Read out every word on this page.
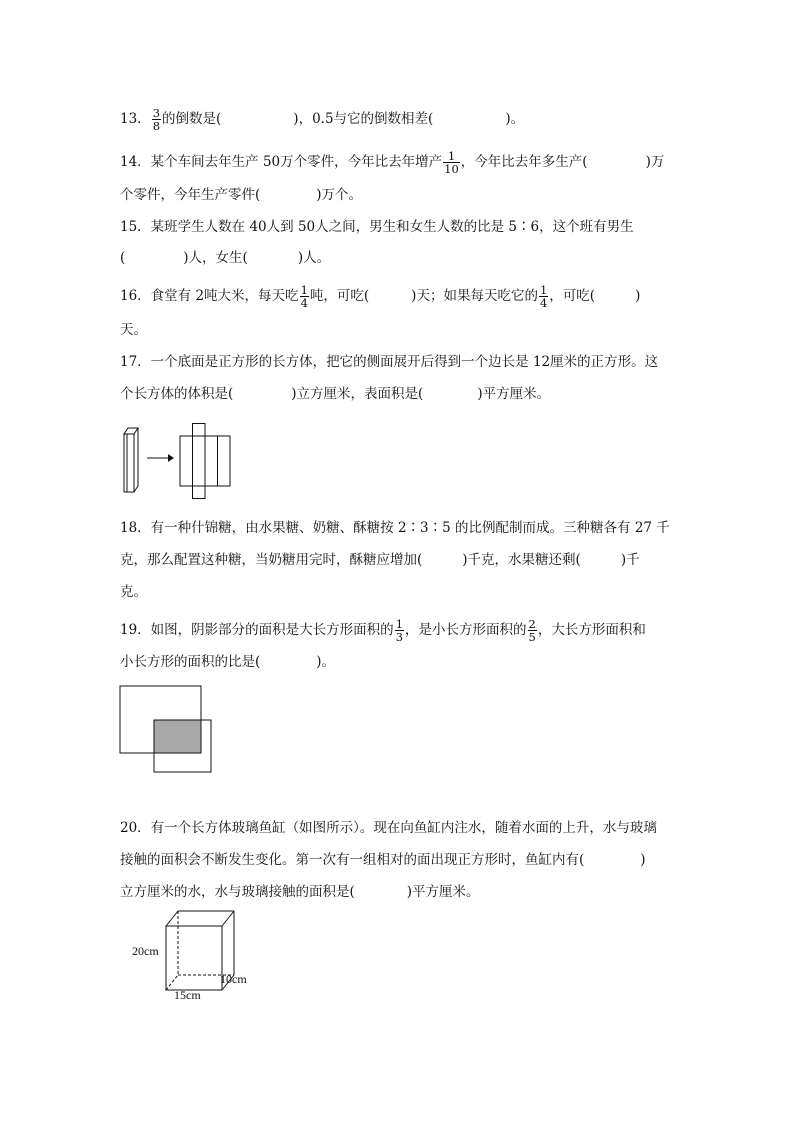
13． $\frac{3}{8}$ 的倒数是(	)，0.5与它的倒数相差(	)。
14．某个车间去年生产 50万个零件，今年比去年增产 $\frac{1}{10}$ ，今年比去年多生产(	)万
个零件，今年生产零件(	)万个。
15．某班学生人数在 40人到 50人之间，男生和女生人数的比是 5∶6，这个班有男生
(	)人，女生(	)人。
16．食堂有 2吨大米，每天吃 $\frac{1}{4}$ 吨，可吃(	)天；如果每天吃它的 $\frac{1}{4}$ ，可吃(	)
天。
17．一个底面是正方形的长方体，把它的侧面展开后得到一个边长是 12厘米的正方形。这
个长方体的体积是(	)立方厘米，表面积是(	)平方厘米。
18．有一种什锦糖，由水果糖、奶糖、酥糖按 2∶3∶5 的比例配制而成。三种糖各有 27 千
克，那么配置这种糖，当奶糖用完时，酥糖应增加(	)千克，水果糖还剩(	)千
克。
19．如图，阴影部分的面积是大长方形面积的 $\frac{1}{3}$ ，是小长方形面积的 $\frac{2}{5}$ ，大长方形面积和
小长方形的面积的比是(	)。
20．有一个长方体玻璃鱼缸（如图所示）。现在向鱼缸内注水，随着水面的上升，水与玻璃
接触的面积会不断发生变化。第一次有一组相对的面出现正方形时，鱼缸内有(	)
立方厘米的水，水与玻璃接触的面积是(	)平方厘米。
20cm
15cm
10cm
